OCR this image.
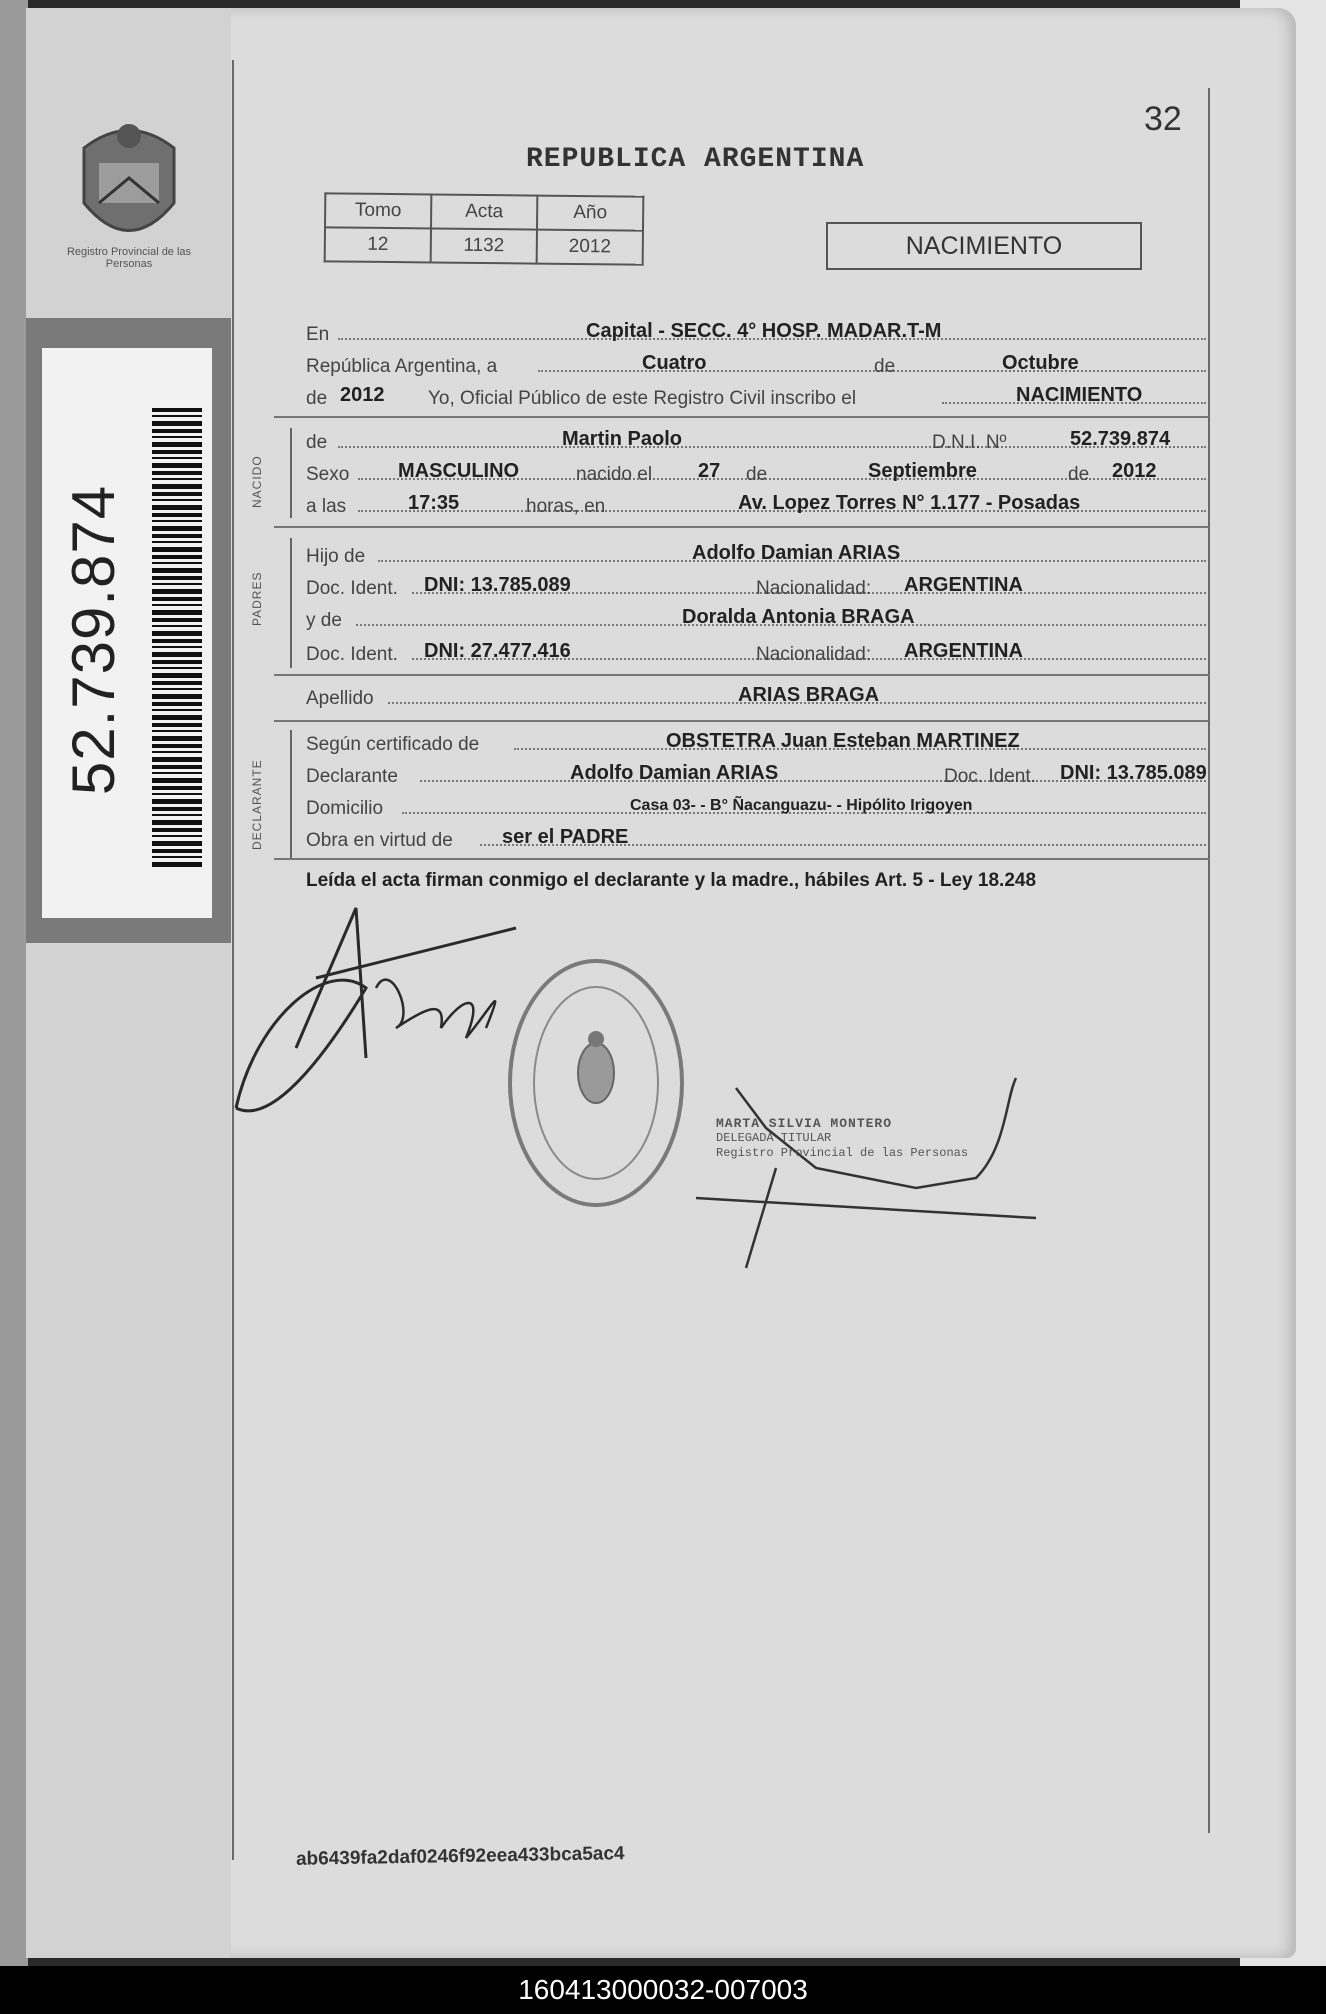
Registro Provincial de las Personas
52.739.874
32
REPUBLICA ARGENTINA
Tomo	Acta	Año
12	1132	2012	NACIMIENTO
En	Capital - SECC. 4° HOSP. MADAR.T-M
República Argentina, a	Cuatro	de	Octubre
de 2012 Yo, Oficial Público de este Registro Civil inscribo el	NACIMIENTO
NACIDO
de	Martin Paolo	D.N.I. Nº	52.739.874
Sexo MASCULINO	nacido el 27 de	Septiembre	de 2012
a las	17:35	horas, en	Av. Lopez Torres N° 1.177 - Posadas
PADRES
Hijo de	Adolfo Damian ARIAS
Doc. Ident. DNI: 13.785.089	Nacionalidad: ARGENTINA
y de	Doralda Antonia BRAGA
Doc. Ident. DNI: 27.477.416	Nacionalidad: ARGENTINA
Apellido	ARIAS BRAGA
DECLARANTE
Según certificado de	OBSTETRA Juan Esteban MARTINEZ
Declarante	Adolfo Damian ARIAS	Doc. Ident. DNI: 13.785.089
Domicilio	Casa 03- - B° Ñacanguazu- - Hipólito Irigoyen
Obra en virtud de ser el PADRE
Leída el acta firman conmigo el declarante y la madre., hábiles Art. 5 - Ley 18.248
MARTA SILVIA MONTERO
DELEGADA TITULAR
Registro Provincial de las Personas
ab6439fa2daf0246f92eea433bca5ac4
160413000032-007003
